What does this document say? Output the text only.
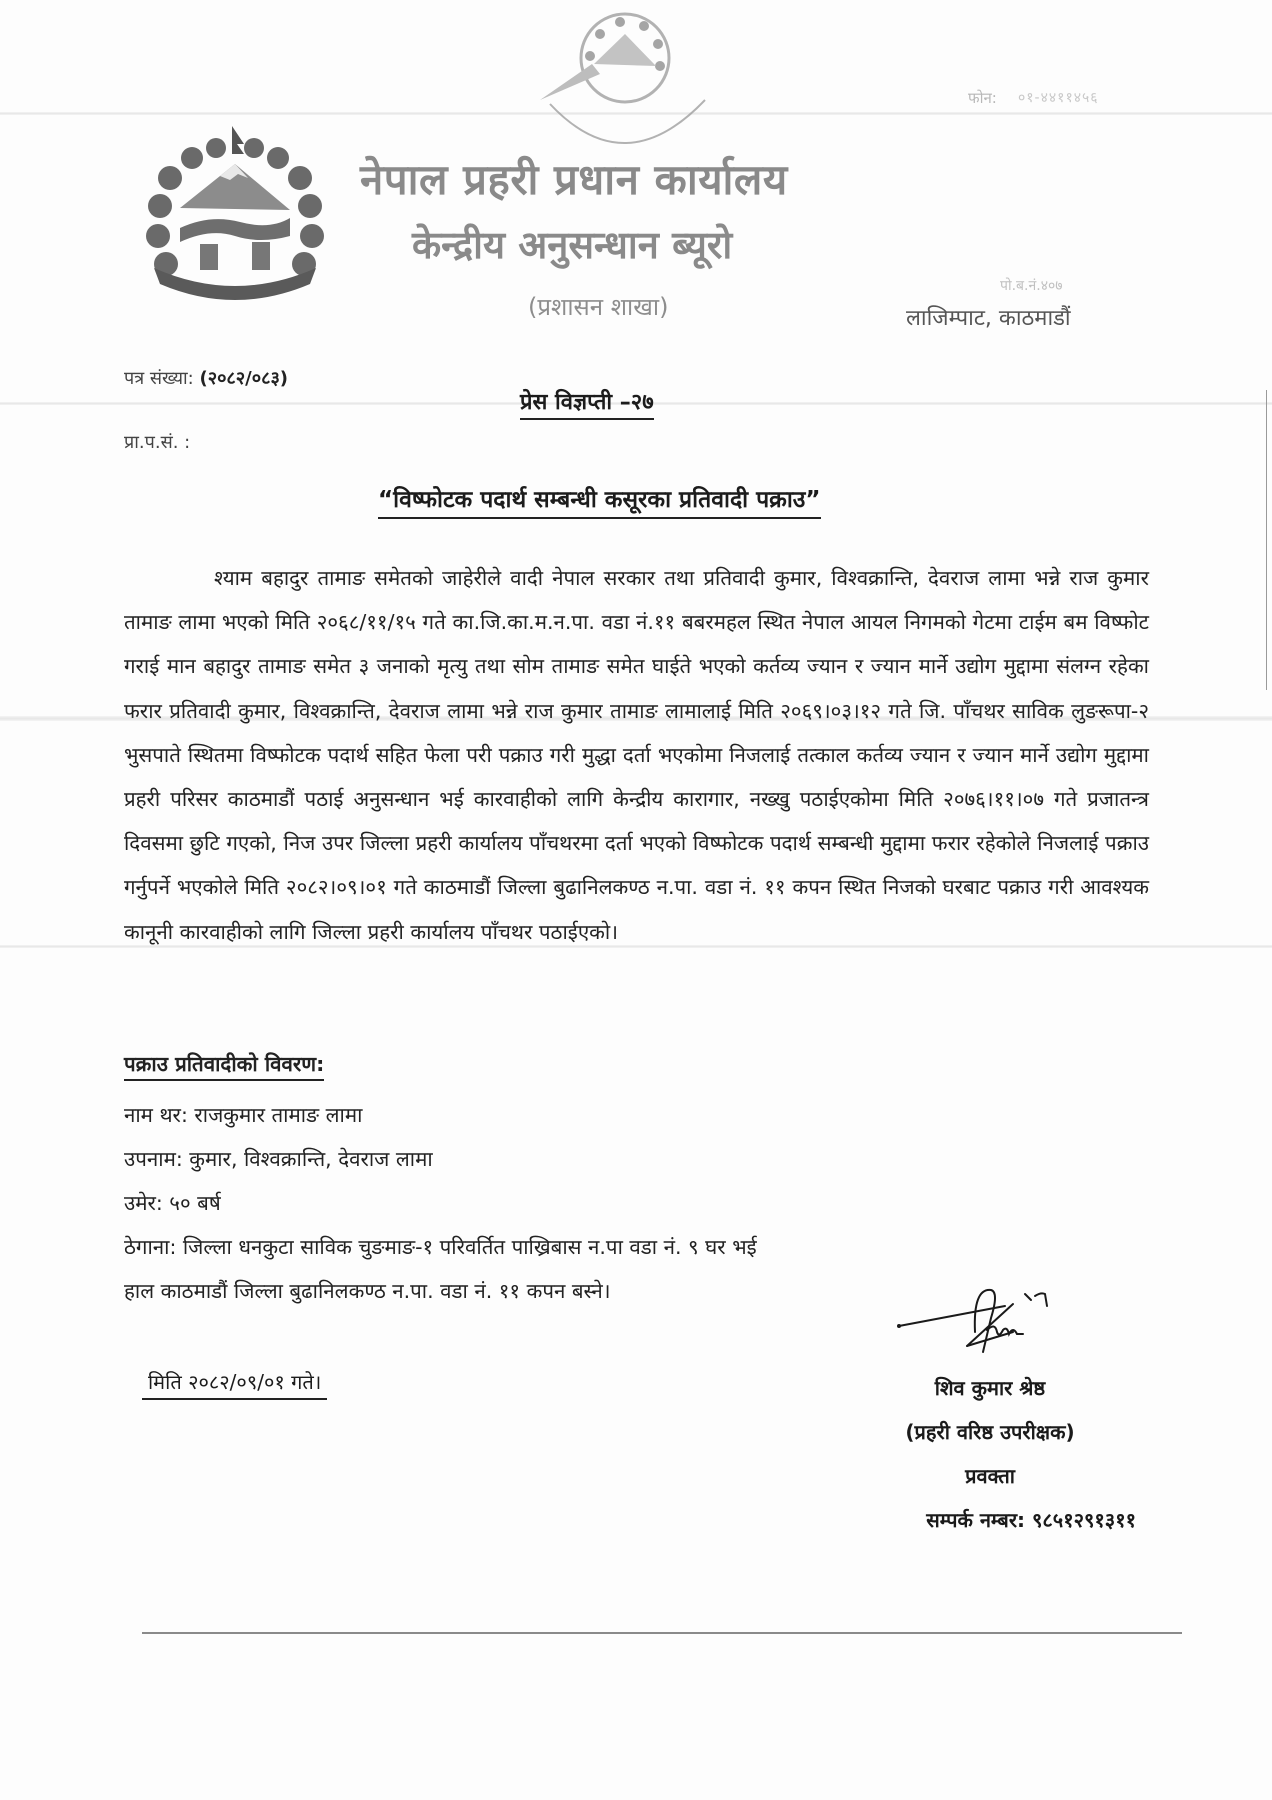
नेपाल प्रहरी प्रधान कार्यालय
केन्द्रीय अनुसन्धान ब्यूरो
(प्रशासन शाखा)
फोन: ०१-४४११४५६
पो.ब.नं.४०७
लाजिम्पाट, काठमाडौं
पत्र संख्या: (२०८२/०८३)
प्रेस विज्ञप्ती –२७
प्रा.प.सं. :
“विष्फोटक पदार्थ सम्बन्धी कसूरका प्रतिवादी पक्राउ”
श्याम बहादुर तामाङ समेतको जाहेरीले वादी नेपाल सरकार तथा प्रतिवादी कुमार, विश्वक्रान्ति, देवराज लामा भन्ने राज कुमार तामाङ लामा भएको मिति २०६८/११/१५ गते का.जि.का.म.न.पा. वडा नं.११ बबरमहल स्थित नेपाल आयल निगमको गेटमा टाईम बम विष्फोट गराई मान बहादुर तामाङ समेत ३ जनाको मृत्यु तथा सोम तामाङ समेत घाईते भएको कर्तव्य ज्यान र ज्यान मार्ने उद्योग मुद्दामा संलग्न रहेका फरार प्रतिवादी कुमार, विश्वक्रान्ति, देवराज लामा भन्ने राज कुमार तामाङ लामालाई मिति २०६९।०३।१२ गते जि. पाँचथर साविक लुङरूपा-२ भुसपाते स्थितमा विष्फोटक पदार्थ सहित फेला परी पक्राउ गरी मुद्धा दर्ता भएकोमा निजलाई तत्काल कर्तव्य ज्यान र ज्यान मार्ने उद्योग मुद्दामा प्रहरी परिसर काठमाडौं पठाई अनुसन्धान भई कारवाहीको लागि केन्द्रीय कारागार, नख्खु पठाईएकोमा मिति २०७६।११।०७ गते प्रजातन्त्र दिवसमा छुटि गएको, निज उपर जिल्ला प्रहरी कार्यालय पाँचथरमा दर्ता भएको विष्फोटक पदार्थ सम्बन्धी मुद्दामा फरार रहेकोले निजलाई पक्राउ गर्नुपर्ने भएकोले मिति २०८२।०९।०१ गते काठमाडौं जिल्ला बुढानिलकण्ठ न.पा. वडा नं. ११ कपन स्थित निजको घरबाट पक्राउ गरी आवश्यक कानूनी कारवाहीको लागि जिल्ला प्रहरी कार्यालय पाँचथर पठाईएको।
पक्राउ प्रतिवादीको विवरण:
नाम थर: राजकुमार तामाङ लामा
उपनाम: कुमार, विश्वक्रान्ति, देवराज लामा
उमेर: ५० बर्ष
ठेगाना: जिल्ला धनकुटा साविक चुङमाङ-१ परिवर्तित पाख्रिबास न.पा वडा नं. ९ घर भई
हाल काठमाडौं जिल्ला बुढानिलकण्ठ न.पा. वडा नं. ११ कपन बस्ने।
मिति २०८२/०९/०१ गते।	शिव कुमार श्रेष्ठ
(प्रहरी वरिष्ठ उपरीक्षक)
प्रवक्ता
सम्पर्क नम्बर: ९८५१२९१३११
